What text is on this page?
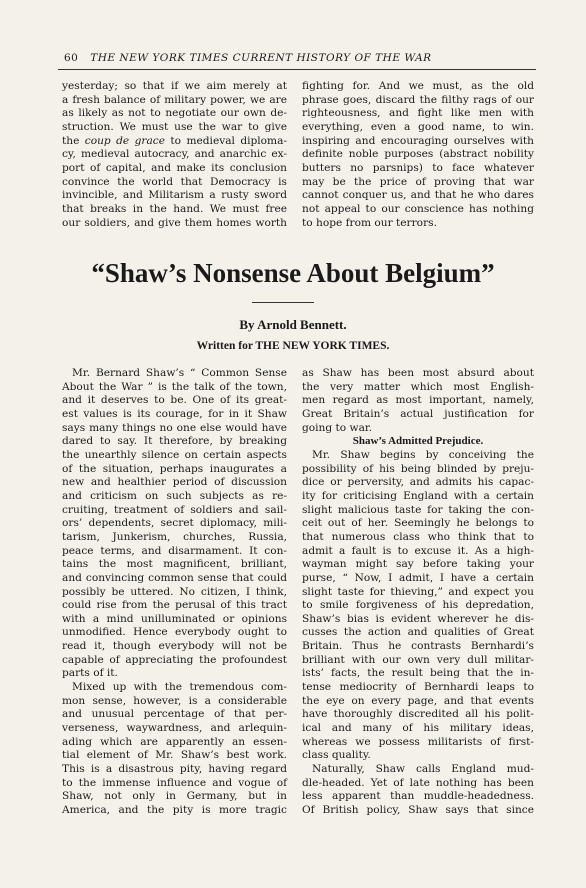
60 THE NEW YORK TIMES CURRENT HISTORY OF THE WAR

yesterday; so that if we aim merely at

a fresh balance of military power, we are

as likely as not to negotiate our own de-

struction. We must use the war to give

the coup de grace to medieval diploma-

cy, medieval autocracy, and anarchic ex-

port of capital, and make its conclusion

convince the world that Democracy is

invincible, and Militarism a rusty sword

that breaks in the hand. We must free

our soldiers, and give them homes worth

fighting for. And we must, as the old

phrase goes, discard the filthy rags of our

righteousness, and fight like men with

everything, even a good name, to win.

inspiring and encouraging ourselves with

definite noble purposes (abstract nobility

butters no parsnips) to face whatever

may be the price of proving that war

cannot conquer us, and that he who dares

not appeal to our conscience has nothing

to hope from our terrors.

“Shaw’s Nonsense About Belgium”
By Arnold Bennett.
Written for THE NEW YORK TIMES.

Mr. Bernard Shaw’s “ Common Sense

About the War ” is the talk of the town,

and it deserves to be. One of its great-

est values is its courage, for in it Shaw

says many things no one else would have

dared to say. It therefore, by breaking

the unearthly silence on certain aspects

of the situation, perhaps inaugurates a

new and healthier period of discussion

and criticism on such subjects as re-

cruiting, treatment of soldiers and sail-

ors’ dependents, secret diplomacy, mili-

tarism, Junkerism, churches, Russia,

peace terms, and disarmament. It con-

tains the most magnificent, brilliant,

and convincing common sense that could

possibly be uttered. No citizen, I think,

could rise from the perusal of this tract

with a mind unilluminated or opinions

unmodified. Hence everybody ought to

read it, though everybody will not be

capable of appreciating the profoundest

parts of it.

Mixed up with the tremendous com-

mon sense, however, is a considerable

and unusual percentage of that per-

verseness, waywardness, and arlequin-

ading which are apparently an essen-

tial element of Mr. Shaw’s best work.

This is a disastrous pity, having regard

to the immense influence and vogue of

Shaw, not only in Germany, but in

America, and the pity is more tragic

as Shaw has been most absurd about

the very matter which most English-

men regard as most important, namely,

Great Britain’s actual justification for

going to war.

Shaw’s Admitted Prejudice.

Mr. Shaw begins by conceiving the

possibility of his being blinded by preju-

dice or perversity, and admits his capac-

ity for criticising England with a certain

slight malicious taste for taking the con-

ceit out of her. Seemingly he belongs to

that numerous class who think that to

admit a fault is to excuse it. As a high-

wayman might say before taking your

purse, “ Now, I admit, I have a certain

slight taste for thieving,” and expect you

to smile forgiveness of his depredation,

Shaw’s bias is evident wherever he dis-

cusses the action and qualities of Great

Britain. Thus he contrasts Bernhardi’s

brilliant with our own very dull militar-

ists’ facts, the result being that the in-

tense mediocrity of Bernhardi leaps to

the eye on every page, and that events

have thoroughly discredited all his polit-

ical and many of his military ideas,

whereas we possess militarists of first-

class quality.

Naturally, Shaw calls England mud-

dle-headed. Yet of late nothing has been

less apparent than muddle-headedness.

Of British policy, Shaw says that since
